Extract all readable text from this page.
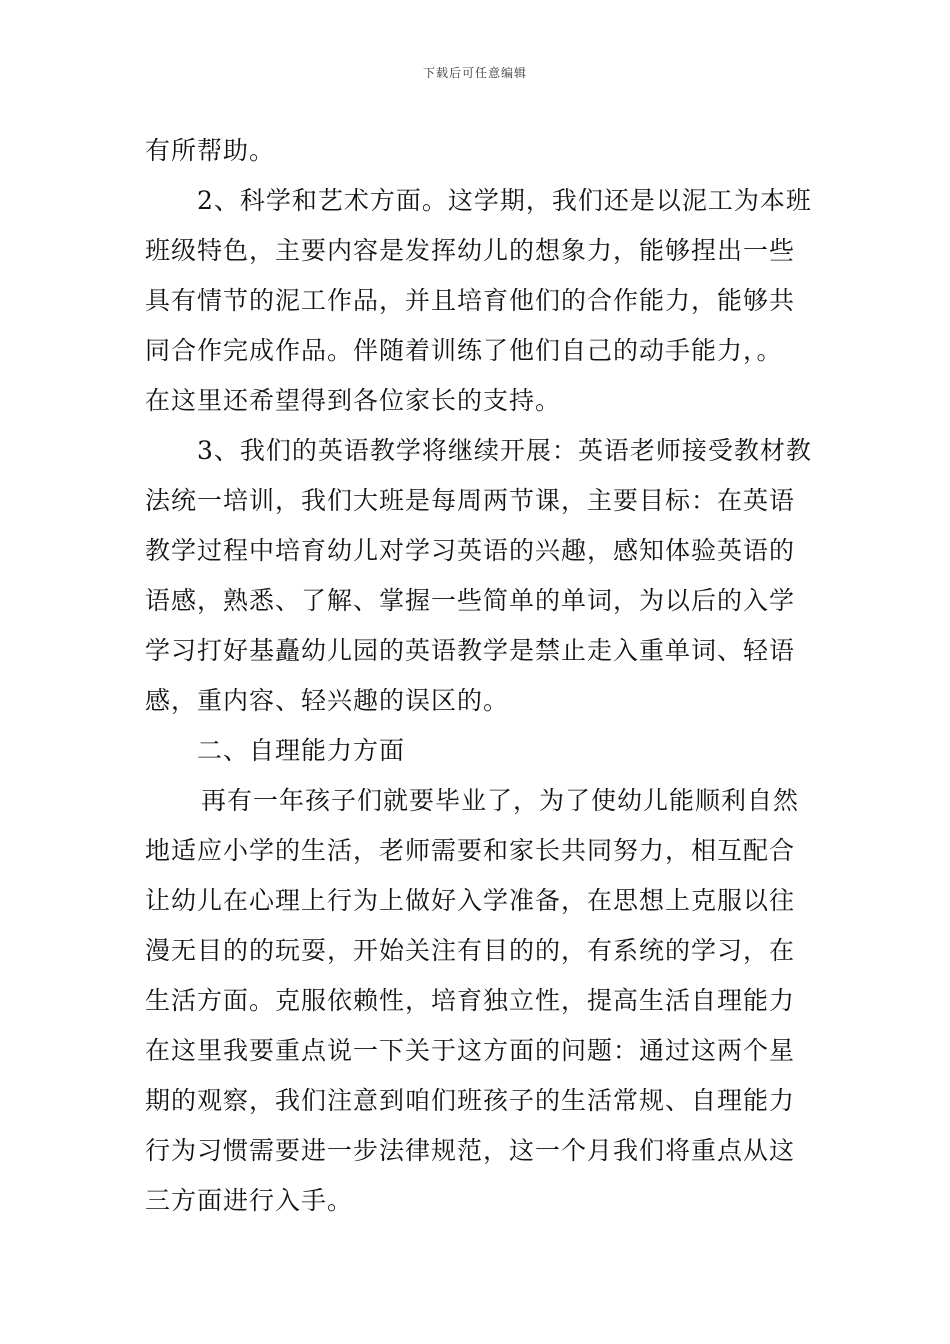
下载后可任意编辑
有所帮助。
2、科学和艺术方面。这学期，我们还是以泥工为本班
班级特色，主要内容是发挥幼儿的想象力，能够捏出一些
具有情节的泥工作品，并且培育他们的合作能力，能够共
同合作完成作品。伴随着训练了他们自己的动手能力，。
在这里还希望得到各位家长的支持。
3、我们的英语教学将继续开展：英语老师接受教材教
法统一培训，我们大班是每周两节课，主要目标：在英语
教学过程中培育幼儿对学习英语的兴趣，感知体验英语的
语感，熟悉、了解、掌握一些简单的单词，为以后的入学
学习打好基矗幼儿园的英语教学是禁止走入重单词、轻语
感，重内容、轻兴趣的误区的。
二、自理能力方面
再有一年孩子们就要毕业了，为了使幼儿能顺利自然
地适应小学的生活，老师需要和家长共同努力，相互配合
让幼儿在心理上行为上做好入学准备，在思想上克服以往
漫无目的的玩耍，开始关注有目的的，有系统的学习，在
生活方面。克服依赖性，培育独立性，提高生活自理能力
在这里我要重点说一下关于这方面的问题：通过这两个星
期的观察，我们注意到咱们班孩子的生活常规、自理能力
行为习惯需要进一步法律规范，这一个月我们将重点从这
三方面进行入手。
